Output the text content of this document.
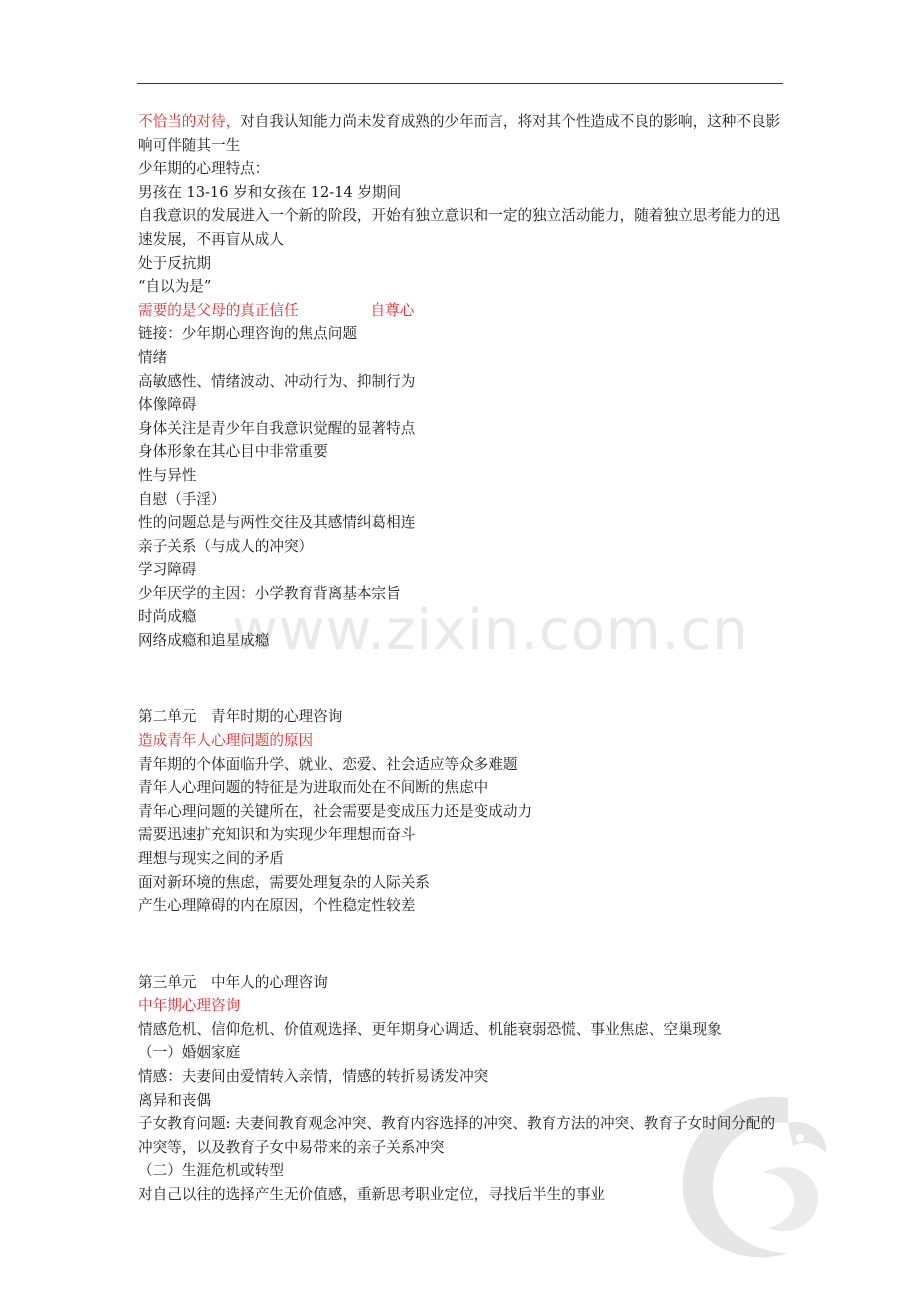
www.zixin.com.cn

不恰当的对待，对自我认知能力尚未发育成熟的少年而言，将对其个性造成不良的影响，这种不良影响可伴随其一生

少年期的心理特点：

男孩在 13-16 岁和女孩在 12-14 岁期间

自我意识的发展进入一个新的阶段，开始有独立意识和一定的独立活动能力，随着独立思考能力的迅速发展，不再盲从成人

处于反抗期

“自以为是”

需要的是父母的真正信任	自尊心

链接：少年期心理咨询的焦点问题

情绪

高敏感性、情绪波动、冲动行为、抑制行为

体像障碍

身体关注是青少年自我意识觉醒的显著特点

身体形象在其心目中非常重要

性与异性

自慰（手淫）

性的问题总是与两性交往及其感情纠葛相连

亲子关系（与成人的冲突）

学习障碍

少年厌学的主因：小学教育背离基本宗旨

时尚成瘾

网络成瘾和追星成瘾

第二单元　青年时期的心理咨询

造成青年人心理问题的原因

青年期的个体面临升学、就业、恋爱、社会适应等众多难题

青年人心理问题的特征是为进取而处在不间断的焦虑中

青年心理问题的关键所在，社会需要是变成压力还是变成动力

需要迅速扩充知识和为实现少年理想而奋斗

理想与现实之间的矛盾

面对新环境的焦虑，需要处理复杂的人际关系

产生心理障碍的内在原因，个性稳定性较差

第三单元　中年人的心理咨询

中年期心理咨询

情感危机、信仰危机、价值观选择、更年期身心调适、机能衰弱恐慌、事业焦虑、空巢现象

（一）婚姻家庭

情感：夫妻间由爱情转入亲情，情感的转折易诱发冲突

离异和丧偶

子女教育问题: 夫妻间教育观念冲突、教育内容选择的冲突、教育方法的冲突、教育子女时间分配的冲突等，以及教育子女中易带来的亲子关系冲突

（二）生涯危机或转型

对自己以往的选择产生无价值感，重新思考职业定位，寻找后半生的事业
